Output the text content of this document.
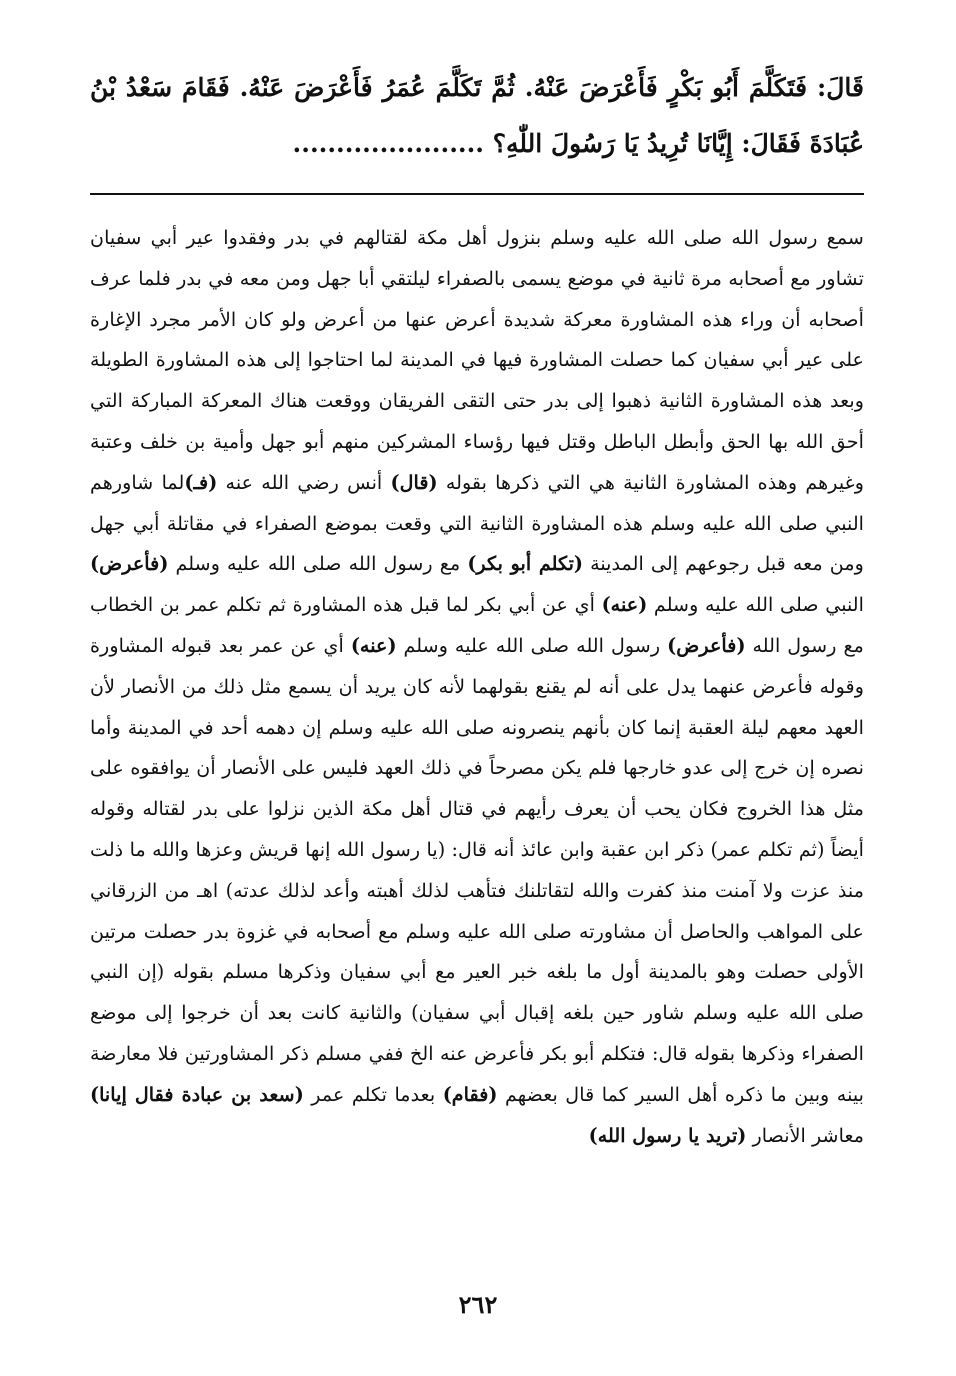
قَالَ: فَتَكَلَّمَ أَبُو بَكْرٍ فَأَعْرَضَ عَنْهُ. ثُمَّ تَكَلَّمَ عُمَرُ فَأَعْرَضَ عَنْهُ. فَقَامَ سَعْدُ بْنُ عُبَادَةَ فَقَالَ: إِيَّانَا تُرِيدُ يَا رَسُولَ اللّٰهِ؟ ......................

سمع رسول الله صلى الله عليه وسلم بنزول أهل مكة لقتالهم في بدر وفقدوا عير أبي سفيان تشاور مع أصحابه مرة ثانية في موضع يسمى بالصفراء ليلتقي أبا جهل ومن معه في بدر فلما عرف أصحابه أن وراء هذه المشاورة معركة شديدة أعرض عنها من أعرض ولو كان الأمر مجرد الإغارة على عير أبي سفيان كما حصلت المشاورة فيها في المدينة لما احتاجوا إلى هذه المشاورة الطويلة وبعد هذه المشاورة الثانية ذهبوا إلى بدر حتى التقى الفريقان ووقعت هناك المعركة المباركة التي أحق الله بها الحق وأبطل الباطل وقتل فيها رؤساء المشركين منهم أبو جهل وأمية بن خلف وعتبة وغيرهم وهذه المشاورة الثانية هي التي ذكرها بقوله (قال) أنس رضي الله عنه (فـ)لما شاورهم النبي صلى الله عليه وسلم هذه المشاورة الثانية التي وقعت بموضع الصفراء في مقاتلة أبي جهل ومن معه قبل رجوعهم إلى المدينة (تكلم أبو بكر) مع رسول الله صلى الله عليه وسلم (فأعرض) النبي صلى الله عليه وسلم (عنه) أي عن أبي بكر لما قبل هذه المشاورة ثم تكلم عمر بن الخطاب مع رسول الله (فأعرض) رسول الله صلى الله عليه وسلم (عنه) أي عن عمر بعد قبوله المشاورة وقوله فأعرض عنهما يدل على أنه لم يقنع بقولهما لأنه كان يريد أن يسمع مثل ذلك من الأنصار لأن العهد معهم ليلة العقبة إنما كان بأنهم ينصرونه صلى الله عليه وسلم إن دهمه أحد في المدينة وأما نصره إن خرج إلى عدو خارجها فلم يكن مصرحاً في ذلك العهد فليس على الأنصار أن يوافقوه على مثل هذا الخروج فكان يحب أن يعرف رأيهم في قتال أهل مكة الذين نزلوا على بدر لقتاله وقوله أيضاً (ثم تكلم عمر) ذكر ابن عقبة وابن عائذ أنه قال: (يا رسول الله إنها قريش وعزها والله ما ذلت منذ عزت ولا آمنت منذ كفرت والله لتقاتلنك فتأهب لذلك أهبته وأعد لذلك عدته) اهـ من الزرقاني على المواهب والحاصل أن مشاورته صلى الله عليه وسلم مع أصحابه في غزوة بدر حصلت مرتين الأولى حصلت وهو بالمدينة أول ما بلغه خبر العير مع أبي سفيان وذكرها مسلم بقوله (إن النبي صلى الله عليه وسلم شاور حين بلغه إقبال أبي سفيان) والثانية كانت بعد أن خرجوا إلى موضع الصفراء وذكرها بقوله قال: فتكلم أبو بكر فأعرض عنه الخ ففي مسلم ذكر المشاورتين فلا معارضة بينه وبين ما ذكره أهل السير كما قال بعضهم (فقام) بعدما تكلم عمر (سعد بن عبادة فقال إيانا) معاشر الأنصار (تريد يا رسول الله)

٢٦٢
